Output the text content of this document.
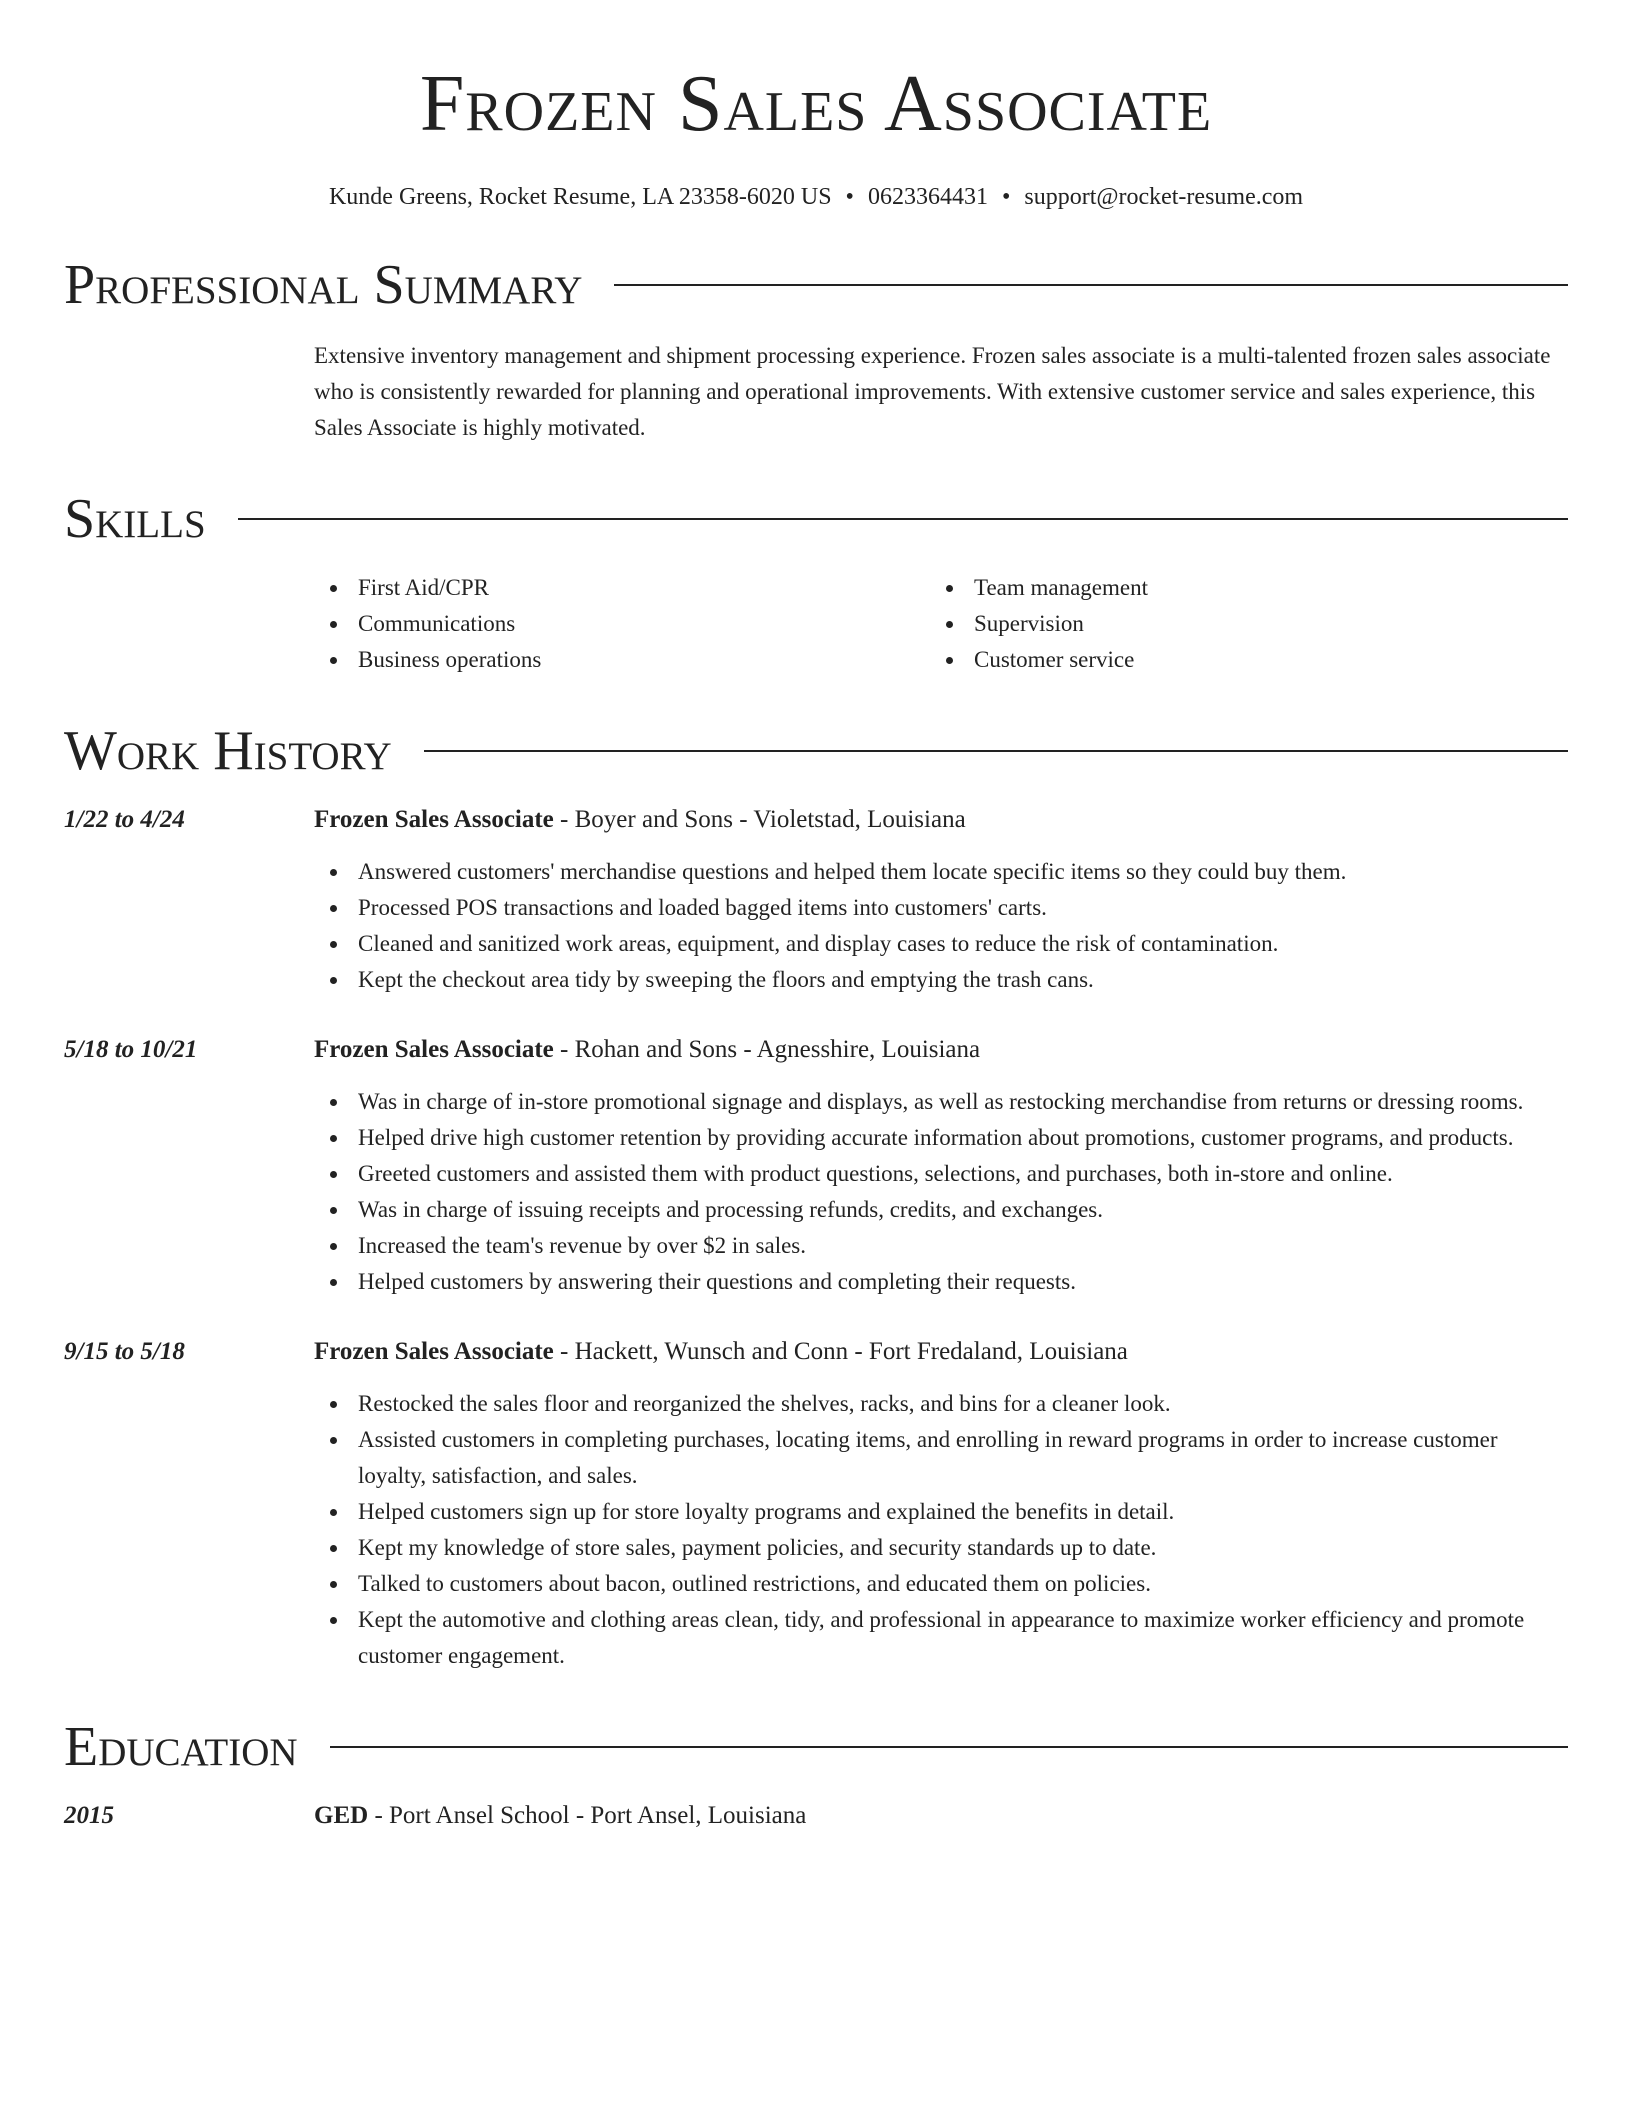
Frozen Sales Associate
Kunde Greens, Rocket Resume, LA 23358-6020 US • 0623364431 • support@rocket-resume.com
Professional Summary
Extensive inventory management and shipment processing experience. Frozen sales associate is a multi-talented frozen sales associate who is consistently rewarded for planning and operational improvements. With extensive customer service and sales experience, this Sales Associate is highly motivated.
Skills
First Aid/CPR
Communications
Business operations
Team management
Supervision
Customer service
Work History
1/22 to 4/24	Frozen Sales Associate - Boyer and Sons - Violetstad, Louisiana
Answered customers' merchandise questions and helped them locate specific items so they could buy them.
Processed POS transactions and loaded bagged items into customers' carts.
Cleaned and sanitized work areas, equipment, and display cases to reduce the risk of contamination.
Kept the checkout area tidy by sweeping the floors and emptying the trash cans.
5/18 to 10/21	Frozen Sales Associate - Rohan and Sons - Agnesshire, Louisiana
Was in charge of in-store promotional signage and displays, as well as restocking merchandise from returns or dressing rooms.
Helped drive high customer retention by providing accurate information about promotions, customer programs, and products.
Greeted customers and assisted them with product questions, selections, and purchases, both in-store and online.
Was in charge of issuing receipts and processing refunds, credits, and exchanges.
Increased the team's revenue by over $2 in sales.
Helped customers by answering their questions and completing their requests.
9/15 to 5/18	Frozen Sales Associate - Hackett, Wunsch and Conn - Fort Fredaland, Louisiana
Restocked the sales floor and reorganized the shelves, racks, and bins for a cleaner look.
Assisted customers in completing purchases, locating items, and enrolling in reward programs in order to increase customer loyalty, satisfaction, and sales.
Helped customers sign up for store loyalty programs and explained the benefits in detail.
Kept my knowledge of store sales, payment policies, and security standards up to date.
Talked to customers about bacon, outlined restrictions, and educated them on policies.
Kept the automotive and clothing areas clean, tidy, and professional in appearance to maximize worker efficiency and promote customer engagement.
Education
2015	GED - Port Ansel School - Port Ansel, Louisiana
